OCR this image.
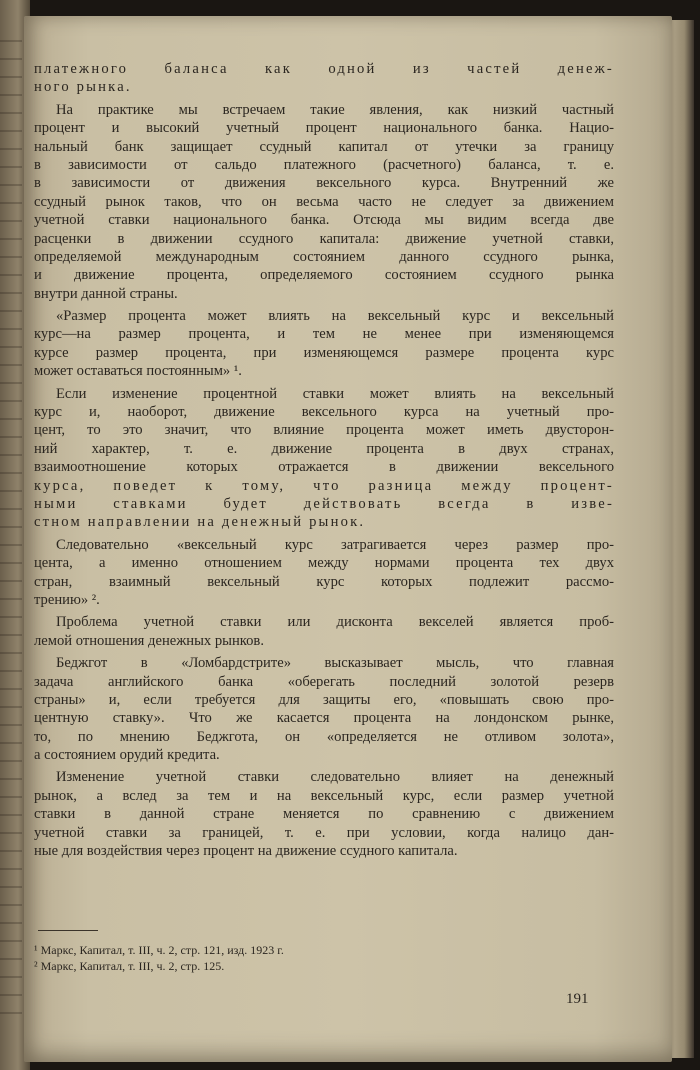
платежного баланса как одной из частей денеж-
ного рынка.
На практике мы встречаем такие явления, как низкий частный
процент и высокий учетный процент национального банка. Нацио-
нальный банк защищает ссудный капитал от утечки за границу
в зависимости от сальдо платежного (расчетного) баланса, т. е.
в зависимости от движения вексельного курса. Внутренний же
ссудный рынок таков, что он весьма часто не следует за движением
учетной ставки национального банка. Отсюда мы видим всегда две
расценки в движении ссудного капитала: движение учетной ставки,
определяемой международным состоянием данного ссудного рынка,
и движение процента, определяемого состоянием ссудного рынка
внутри данной страны.
«Размер процента может влиять на вексельный курс и вексельный
курс—на размер процента, и тем не менее при изменяющемся
курсе размер процента, при изменяющемся размере процента курс
может оставаться постоянным» ¹.
Если изменение процентной ставки может влиять на вексельный
курс и, наоборот, движение вексельного курса на учетный про-
цент, то это значит, что влияние процента может иметь двусторон-
ний характер, т. е. движение процента в двух странах,
взаимоотношение которых отражается в движении вексельного
курса, поведет к тому, что разница между процент-
ными ставками будет действовать всегда в изве-
стном направлении на денежный рынок.
Следовательно «вексельный курс затрагивается через размер про-
цента, а именно отношением между нормами процента тех двух
стран, взаимный вексельный курс которых подлежит рассмо-
трению» ².
Проблема учетной ставки или дисконта векселей является проб-
лемой отношения денежных рынков.
Беджгот в «Ломбардстрите» высказывает мысль, что главная
задача английского банка «оберегать последний золотой резерв
страны» и, если требуется для защиты его, «повышать свою про-
центную ставку». Что же касается процента на лондонском рынке,
то, по мнению Беджгота, он «определяется не отливом золота»,
а состоянием орудий кредита.
Изменение учетной ставки следовательно влияет на денежный
рынок, а вслед за тем и на вексельный курс, если размер учетной
ставки в данной стране меняется по сравнению с движением
учетной ставки за границей, т. е. при условии, когда налицо дан-
ные для воздействия через процент на движение ссудного капитала.
¹ Маркс, Капитал, т. III, ч. 2, стр. 121, изд. 1923 г.
² Маркс, Капитал, т. III, ч. 2, стр. 125.
191
